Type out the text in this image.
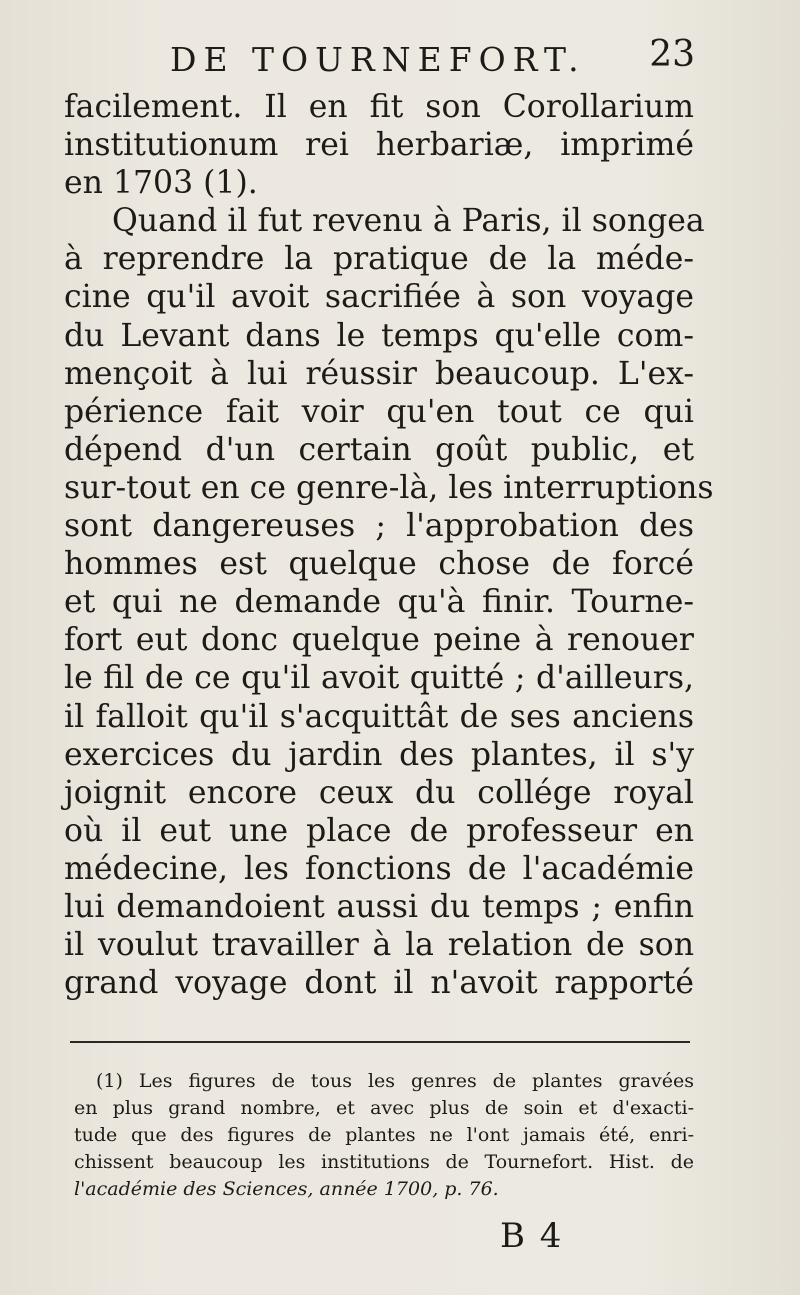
DE TOURNEFORT. 23
facilement. Il en fit son Corollarium
institutionum rei herbariæ, imprimé
en 1703 (1).
Quand il fut revenu à Paris, il songea
à reprendre la pratique de la méde-
cine qu'il avoit sacrifiée à son voyage
du Levant dans le temps qu'elle com-
mençoit à lui réussir beaucoup. L'ex-
périence fait voir qu'en tout ce qui
dépend d'un certain goût public, et
sur-tout en ce genre-là, les interruptions
sont dangereuses ; l'approbation des
hommes est quelque chose de forcé
et qui ne demande qu'à finir. Tourne-
fort eut donc quelque peine à renouer
le fil de ce qu'il avoit quitté ; d'ailleurs,
il falloit qu'il s'acquittât de ses anciens
exercices du jardin des plantes, il s'y
joignit encore ceux du collége royal
où il eut une place de professeur en
médecine, les fonctions de l'académie
lui demandoient aussi du temps ; enfin
il voulut travailler à la relation de son
grand voyage dont il n'avoit rapporté
(1) Les figures de tous les genres de plantes gravées
en plus grand nombre, et avec plus de soin et d'exacti-
tude que des figures de plantes ne l'ont jamais été, enri-
chissent beaucoup les institutions de Tournefort. Hist. de
l'académie des Sciences, année 1700, p. 76.
B 4
